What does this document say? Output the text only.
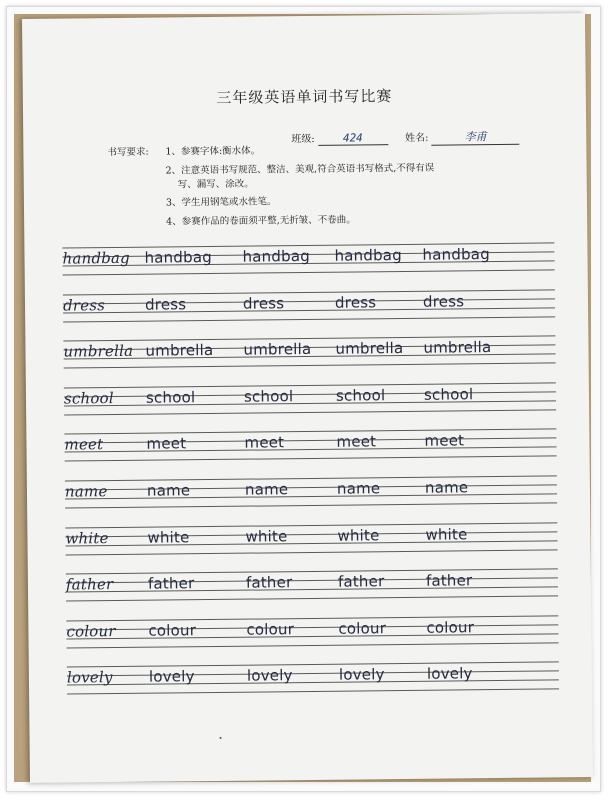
三年级英语单词书写比赛
班级:	424	姓名:	李甫
书写要求: 1、参赛字体:衡水体。
2、注意英语书写规范、整洁、美观,符合英语书写格式,不得有误
写、漏写、涂改。
3、学生用钢笔或水性笔。
4、参赛作品的卷面须平整,无折皱、不卷曲。
handbag handbag handbag handbag handbag
dress	dress	dress	dress	dress
umbrella umbrella umbrella umbrella umbrella
school school	school	school	school
meet	meet	meet	meet	meet
name	name	name	name	name
white	white	white	white	white
father father	father	father	father
colour colour	colour	colour	colour
lovely lovely	lovely	lovely	lovely
